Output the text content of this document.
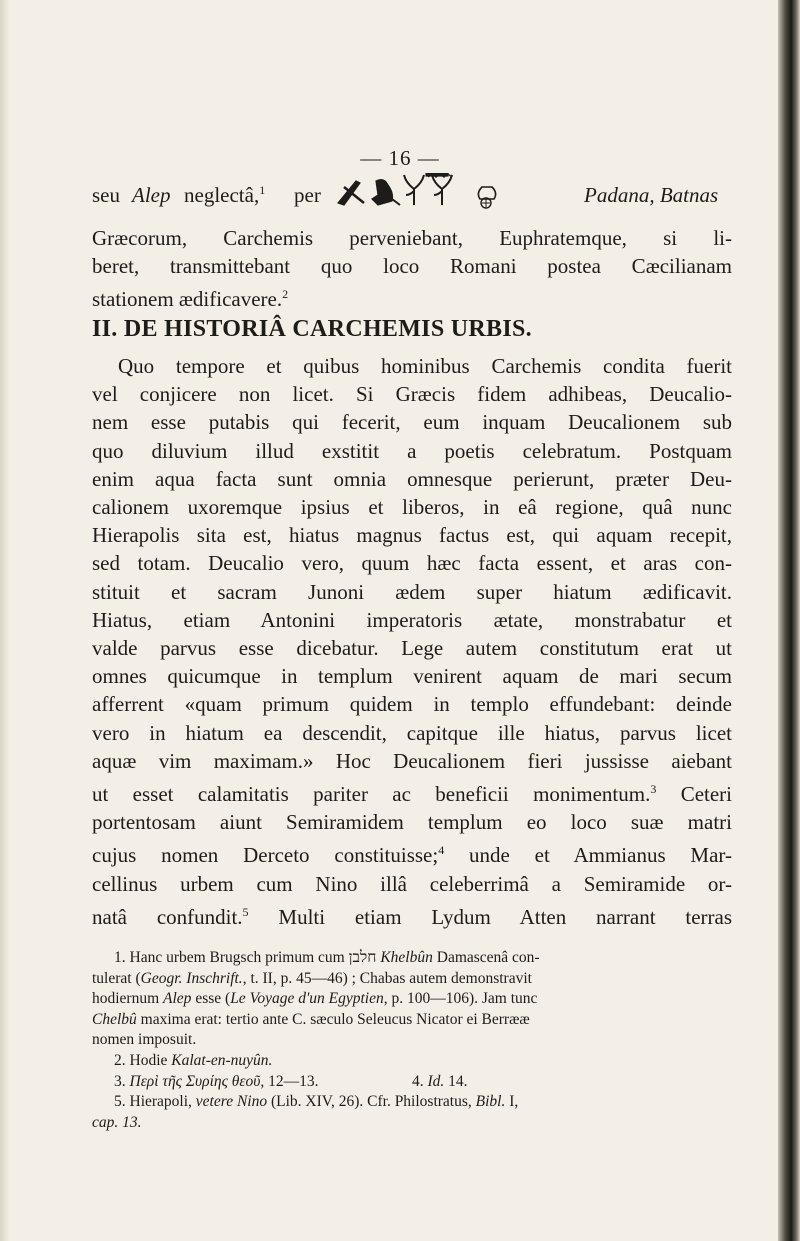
— 16 —
seu Alep neglectâ,$^1$ per	Padana, Batnas
Græcorum, Carchemis perveniebant, Euphratemque, si li-
beret, transmittebant quo loco Romani postea Cæcilianam
stationem ædificavere.$^2$
II. DE HISTORIÂ CARCHEMIS URBIS.
Quo tempore et quibus hominibus Carchemis condita fuerit
vel conjicere non licet. Si Græcis fidem adhibeas, Deucalio-
nem esse putabis qui fecerit, eum inquam Deucalionem sub
quo diluvium illud exstitit a poetis celebratum. Postquam
enim aqua facta sunt omnia omnesque perierunt, præter Deu-
calionem uxoremque ipsius et liberos, in eâ regione, quâ nunc
Hierapolis sita est, hiatus magnus factus est, qui aquam recepit,
sed totam. Deucalio vero, quum hæc facta essent, et aras con-
stituit et sacram Junoni ædem super hiatum ædificavit.
Hiatus, etiam Antonini imperatoris ætate, monstrabatur et
valde parvus esse dicebatur. Lege autem constitutum erat ut
omnes quicumque in templum venirent aquam de mari secum
afferrent «quam primum quidem in templo effundebant: deinde
vero in hiatum ea descendit, capitque ille hiatus, parvus licet
aquæ vim maximam.» Hoc Deucalionem fieri jussisse aiebant
ut esset calamitatis pariter ac beneficii monimentum.$^3$ Ceteri
portentosam aiunt Semiramidem templum eo loco suæ matri
cujus nomen Derceto constituisse;$^4$ unde et Ammianus Mar-
cellinus urbem cum Nino illâ celeberrimâ a Semiramide or-
natâ confundit.$^5$ Multi etiam Lydum Atten narrant terras
1. Hanc urbem Brugsch primum cum חלבן Khelbûn Damascenâ con-
tulerat (Geogr. Inschrift., t. II, p. 45—46) ; Chabas autem demonstravit
hodiernum Alep esse (Le Voyage d'un Egyptien, p. 100—106). Jam tunc
Chelbû maxima erat: tertio ante C. sæculo Seleucus Nicator ei Berrææ
nomen imposuit.
2. Hodie Kalat-en-nuyûn.
3. Περὶ τῆς Συρίης θεοῦ, 12—13.	4. Id. 14.
5. Hierapoli, vetere Nino (Lib. XIV, 26). Cfr. Philostratus, Bibl. I,
cap. 13.
